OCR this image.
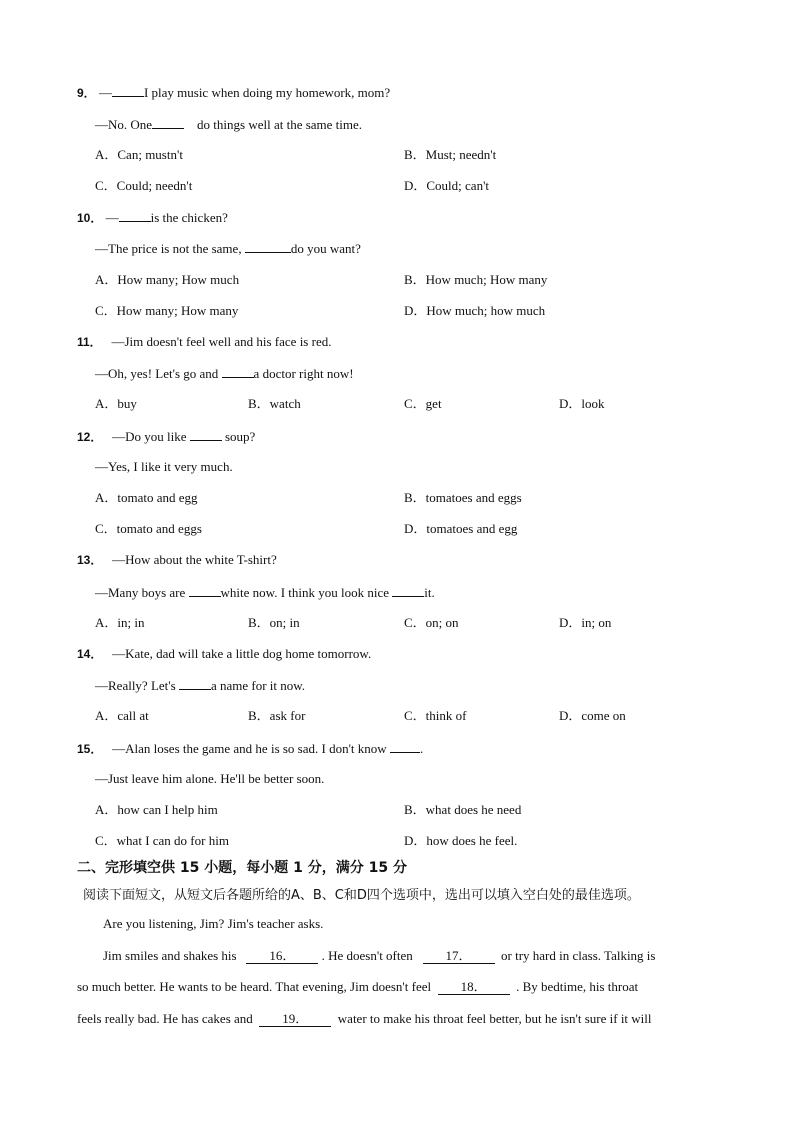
9． — I play music when doing my homework, mom?
—No. One	do things well at the same time.
A．Can; mustn't	B．Must; needn't
C．Could; needn't	D．Could; can't
10． — is the chicken?
—The price is not the same,	do you want?
A．How many; How much	B．How much; How many
C．How many; How many	D．How much; how much
11． —Jim doesn't feel well and his face is red.
—Oh, yes! Let's go and	a doctor right now!
A．buy	B．watch	C．get	D．look
12． —Do you like	soup?
—Yes, I like it very much.
A．tomato and egg	B．tomatoes and eggs
C．tomato and eggs	D．tomatoes and egg
13． —How about the white T-shirt?
—Many boys are	white now. I think you look nice	it.
A．in; in	B．on; in	C．on; on	D．in; on
14． —Kate, dad will take a little dog home tomorrow.
—Really? Let's	a name for it now.
A．call at	B．ask for	C．think of	D．come on
15． —Alan loses the game and he is so sad. I don't know	.
—Just leave him alone. He'll be better soon.
A．how can I help him	B．what does he need
C．what I can do for him	D．how does he feel.
二、完形填空供 15 小题，每小题 1 分，满分 15 分
阅读下面短文，从短文后各题所给的A、B、C和D四个选项中，选出可以填入空白处的最佳选项。
Are you listening, Jim? Jim's teacher asks.
Jim smiles and shakes his	16． . He doesn't often	17． or try hard in class. Talking is
so much better. He wants to be heard. That evening, Jim doesn't feel 18． . By bedtime, his throat
feels really bad. He has cakes and 19． water to make his throat feel better, but he isn't sure if it will
